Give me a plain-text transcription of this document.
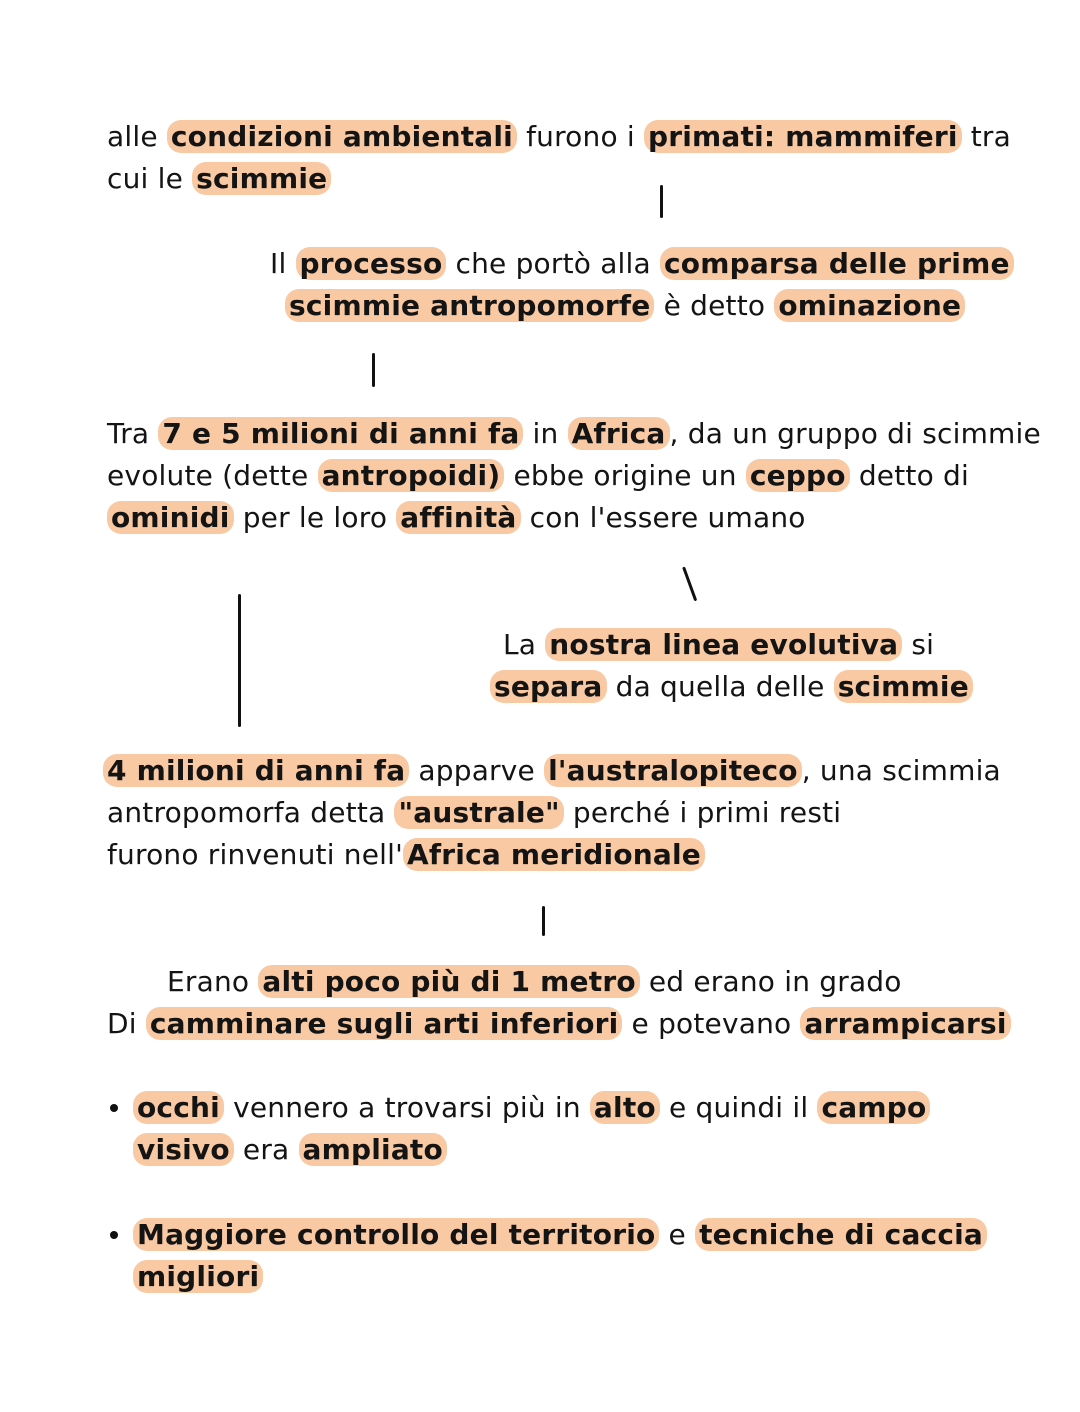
alle condizioni ambientali furono i primati: mammiferi tra
cui le scimmie
Il processo che portò alla comparsa delle prime
scimmie antropomorfe è detto ominazione
Tra 7 e 5 milioni di anni fa in Africa , da un gruppo di scimmie
evolute (dette antropoidi) ebbe origine un ceppo detto di
ominidi per le loro affinità con l'essere umano
La nostra linea evolutiva si
separa da quella delle scimmie
4 milioni di anni fa apparve l'australopiteco , una scimmia
antropomorfa detta "australe" perché i primi resti
furono rinvenuti nell' Africa meridionale
Erano alti poco più di 1 metro ed erano in grado
Di camminare sugli arti inferiori e potevano arrampicarsi
occhi vennero a trovarsi più in alto e quindi il campo
visivo era ampliato
Maggiore controllo del territorio e tecniche di caccia
migliori
